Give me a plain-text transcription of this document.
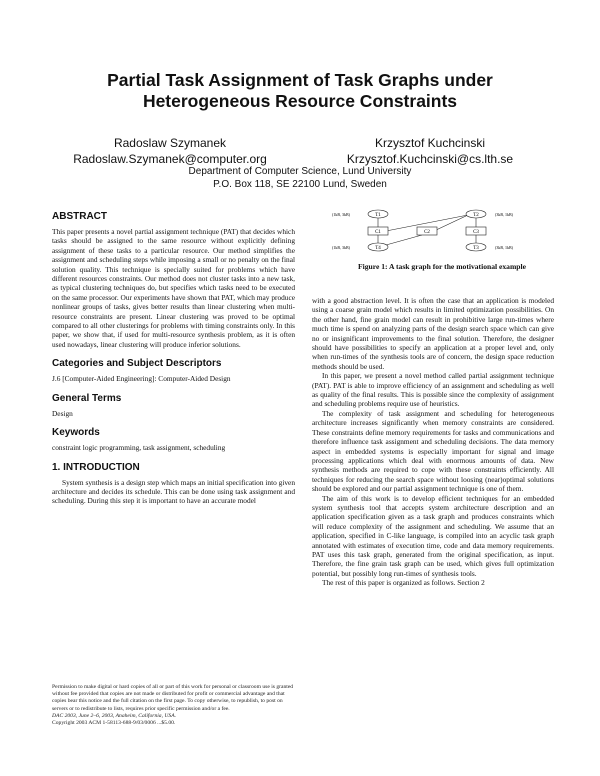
Partial Task Assignment of Task Graphs under
Heterogeneous Resource Constraints
Radoslaw Szymanek
Radoslaw.Szymanek@computer.org
Krzysztof Kuchcinski
Krzysztof.Kuchcinski@cs.lth.se
Department of Computer Science, Lund University
P.O. Box 118, SE 22100 Lund, Sweden
ABSTRACT

This paper presents a novel partial assignment technique (PAT) that decides which tasks should be assigned to the same resource without explicitly defining assignment of these tasks to a particular resource. Our method simplifies the assignment and scheduling steps while imposing a small or no penalty on the final solution quality. This technique is specially suited for problems which have different resources constraints. Our method does not cluster tasks into a new task, as typical clustering techniques do, but specifies which tasks need to be executed on the same processor. Our experiments have shown that PAT, which may produce nonlinear groups of tasks, gives better results than linear clustering when multi-resource constraints are present. Linear clustering was proved to be optimal compared to all other clusterings for problems with timing constraints only. In this paper, we show that, if used for multi-resource synthesis problem, as it is often used nowadays, linear clustering will produce inferior solutions.

Categories and Subject Descriptors

J.6 [Computer-Aided Engineering]: Computer-Aided Design

General Terms

Design

Keywords

constraint logic programming, task assignment, scheduling

1. INTRODUCTION

System synthesis is a design step which maps an initial specification into given architecture and decides its schedule. This can be done using task assignment and scheduling. During this step it is important to have an accurate model

Permission to make digital or hard copies of all or part of this work for personal or classroom use is granted without fee provided that copies are not made or distributed for profit or commercial advantage and that copies bear this notice and the full citation on the first page. To copy otherwise, to republish, to post on servers or to redistribute to lists, requires prior specific permission and/or a fee.
DAC 2003, June 2–6, 2003, Anaheim, California, USA.
Copyright 2003 ACM 1-58113-688-9/03/0006 ...$5.00.
T1	T2
C1	C2	C3
T4	T3
(1kB, 3kB)	(3kB, 1kB)
(1kB, 3kB)	(3kB, 1kB)
Figure 1: A task graph for the motivational example

with a good abstraction level. It is often the case that an application is modeled using a coarse grain model which results in limited optimization possibilities. On the other hand, fine grain model can result in prohibitive large run-times where much time is spend on analyzing parts of the design search space which can give no or insignificant improvements to the final solution. Therefore, the designer should have possibilities to specify an application at a proper level and, only when run-times of the synthesis tools are of concern, the design space reduction methods should be used.

In this paper, we present a novel method called partial assignment technique (PAT). PAT is able to improve efficiency of an assignment and scheduling as well as quality of the final results. This is possible since the complexity of assignment and scheduling problems require use of heuristics.

The complexity of task assignment and scheduling for heterogeneous architecture increases significantly when memory constraints are considered. These constraints define memory requirements for tasks and communications and therefore influence task assignment and scheduling decisions. The data memory aspect in embedded systems is especially important for signal and image processing applications which deal with enormous amounts of data. New synthesis methods are required to cope with these constraints efficiently. All techniques for reducing the search space without loosing (near)optimal solutions should be explored and our partial assignment technique is one of them.

The aim of this work is to develop efficient techniques for an embedded system synthesis tool that accepts system architecture description and an application specification given as a task graph and produces constraints which will reduce complexity of the assignment and scheduling. We assume that an application, specified in C-like language, is compiled into an acyclic task graph annotated with estimates of execution time, code and data memory requirements. PAT uses this task graph, generated from the original specification, as input. Therefore, the fine grain task graph can be used, which gives full optimization potential, but possibly long run-times of synthesis tools.

The rest of this paper is organized as follows. Section 2
